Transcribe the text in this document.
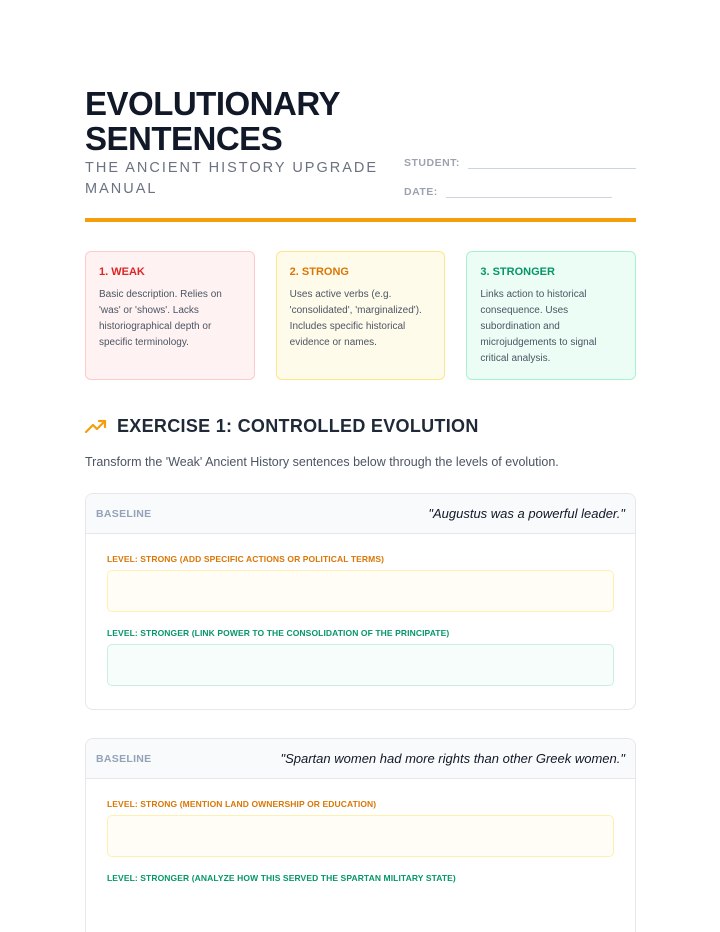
EVOLUTIONARY SENTENCES
THE ANCIENT HISTORY UPGRADE MANUAL
STUDENT:
DATE:
1. WEAK
Basic description. Relies on 'was' or 'shows'. Lacks historiographical depth or specific terminology.
2. STRONG
Uses active verbs (e.g. 'consolidated', 'marginalized'). Includes specific historical evidence or names.
3. STRONGER
Links action to historical consequence. Uses subordination and microjudgements to signal critical analysis.
EXERCISE 1: CONTROLLED EVOLUTION

Transform the 'Weak' Ancient History sentences below through the levels of evolution.

BASELINE	"Augustus was a powerful leader."
LEVEL: STRONG (ADD SPECIFIC ACTIONS OR POLITICAL TERMS)
LEVEL: STRONGER (LINK POWER TO THE CONSOLIDATION OF THE PRINCIPATE)
BASELINE	"Spartan women had more rights than other Greek women."
LEVEL: STRONG (MENTION LAND OWNERSHIP OR EDUCATION)
LEVEL: STRONGER (ANALYZE HOW THIS SERVED THE SPARTAN MILITARY STATE)
